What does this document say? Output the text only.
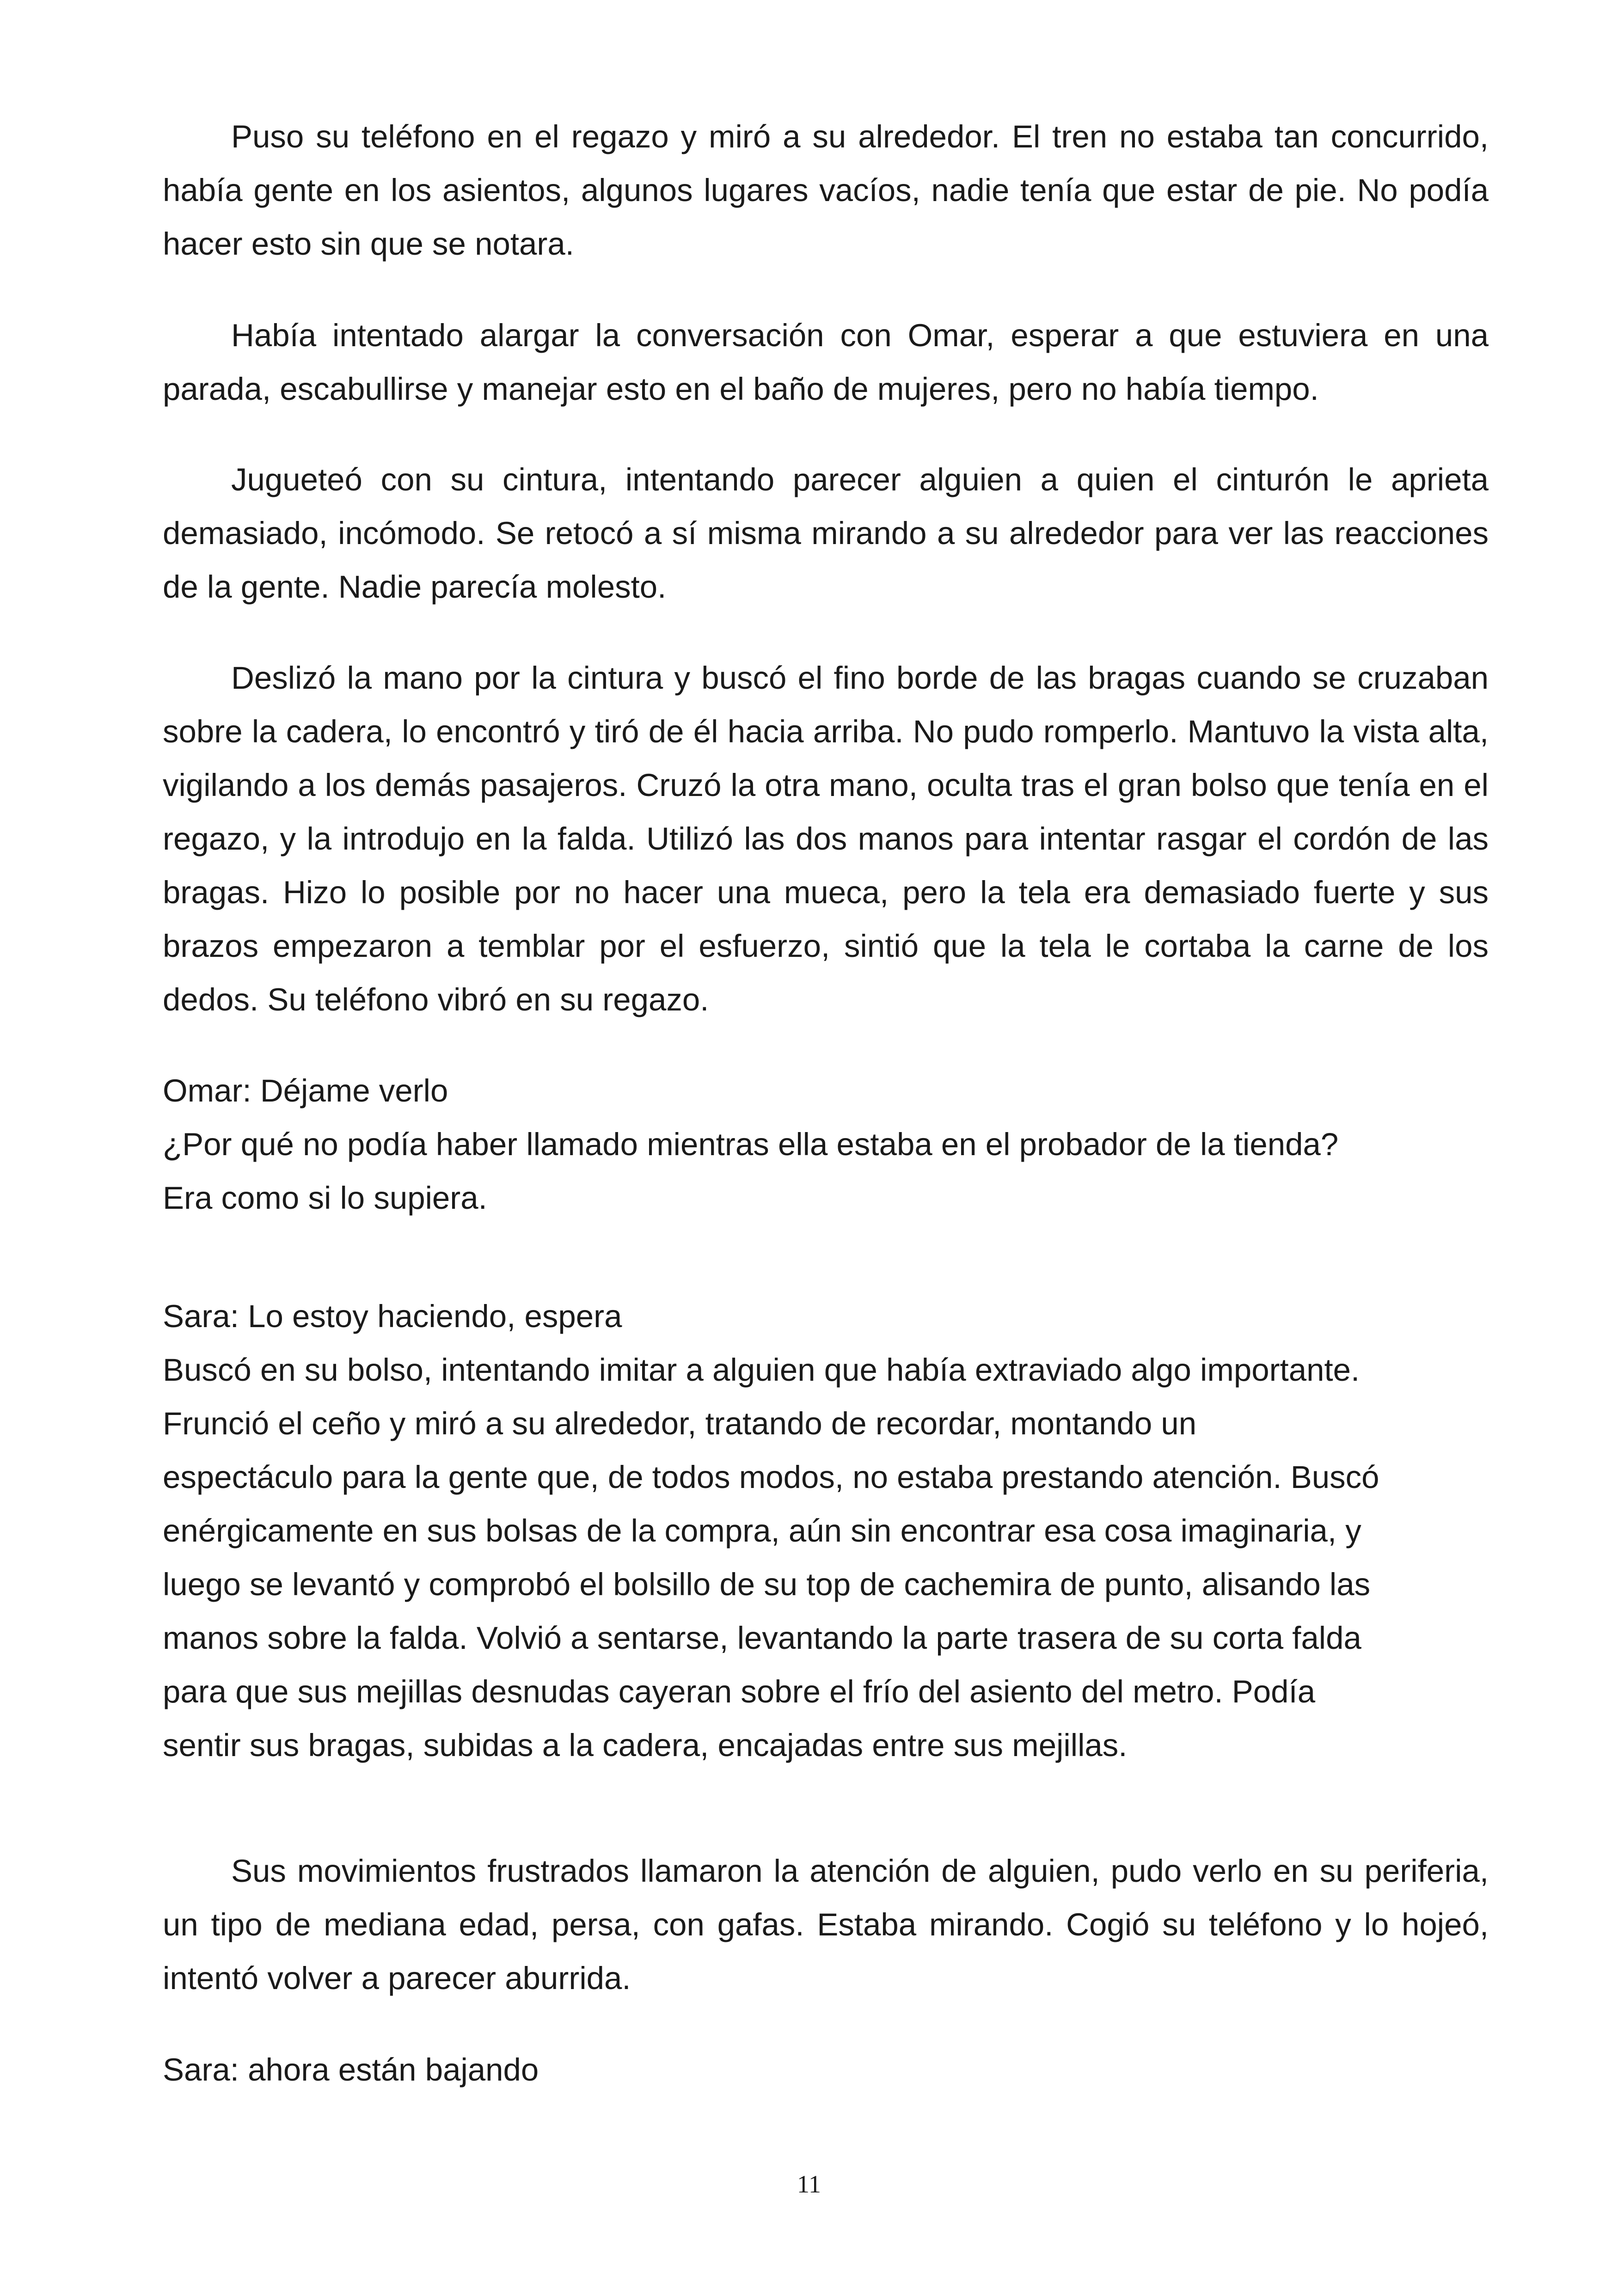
Puso su teléfono en el regazo y miró a su alrededor. El tren no estaba tan concurrido, había gente en los asientos, algunos lugares vacíos, nadie tenía que estar de pie. No podía hacer esto sin que se notara.

Había intentado alargar la conversación con Omar, esperar a que estuviera en una parada, escabullirse y manejar esto en el baño de mujeres, pero no había tiempo.

Jugueteó con su cintura, intentando parecer alguien a quien el cinturón le aprieta demasiado, incómodo. Se retocó a sí misma mirando a su alrededor para ver las reacciones de la gente. Nadie parecía molesto.

Deslizó la mano por la cintura y buscó el fino borde de las bragas cuando se cruzaban sobre la cadera, lo encontró y tiró de él hacia arriba. No pudo romperlo. Mantuvo la vista alta, vigilando a los demás pasajeros. Cruzó la otra mano, oculta tras el gran bolso que tenía en el regazo, y la introdujo en la falda. Utilizó las dos manos para intentar rasgar el cordón de las bragas. Hizo lo posible por no hacer una mueca, pero la tela era demasiado fuerte y sus brazos empezaron a temblar por el esfuerzo, sintió que la tela le cortaba la carne de los dedos. Su teléfono vibró en su regazo.

Omar: Déjame verlo
¿Por qué no podía haber llamado mientras ella estaba en el probador de la tienda?
Era como si lo supiera.

Sara: Lo estoy haciendo, espera
Buscó en su bolso, intentando imitar a alguien que había extraviado algo importante.
Frunció el ceño y miró a su alrededor, tratando de recordar, montando un
espectáculo para la gente que, de todos modos, no estaba prestando atención. Buscó
enérgicamente en sus bolsas de la compra, aún sin encontrar esa cosa imaginaria, y
luego se levantó y comprobó el bolsillo de su top de cachemira de punto, alisando las
manos sobre la falda. Volvió a sentarse, levantando la parte trasera de su corta falda
para que sus mejillas desnudas cayeran sobre el frío del asiento del metro. Podía
sentir sus bragas, subidas a la cadera, encajadas entre sus mejillas.

Sus movimientos frustrados llamaron la atención de alguien, pudo verlo en su periferia, un tipo de mediana edad, persa, con gafas. Estaba mirando. Cogió su teléfono y lo hojeó, intentó volver a parecer aburrida.

Sara: ahora están bajando

11
